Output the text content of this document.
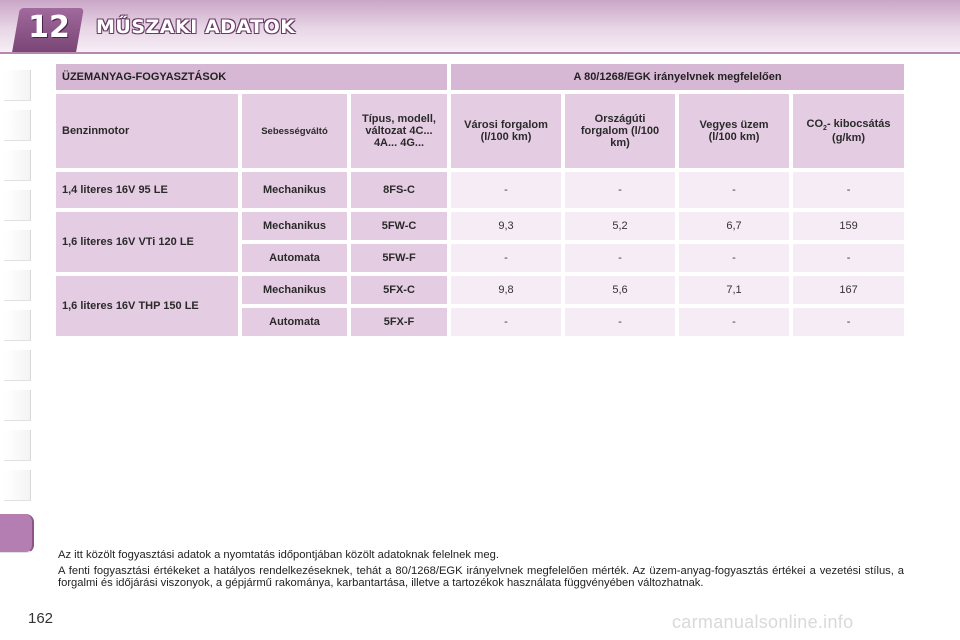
12 MŰSZAKI ADATOK
ÜZEMANYAG-FOGYASZTÁSOK			A 80/1268/EGK irányelvnek megfelelően			
Benzinmotor	Sebességváltó	Típus, modell, változat 4C... 4A... 4G...	Városi forgalom (l/100 km)	Országúti forgalom (l/100 km)	Vegyes üzem (l/100 km)	$CO_2-$ kibocsátás (g/km)
1,4 literes 16V 95 LE	Mechanikus	8FS-C	-	-	-	-
1,6 literes 16V VTi 120 LE	Mechanikus	5FW-C	9,3	5,2	6,7	159
	Automata	5FW-F	-	-	-	-
1,6 literes 16V THP 150 LE	Mechanikus	5FX-C	9,8	5,6	7,1	167
	Automata	5FX-F	-	-	-	-

Az itt közölt fogyasztási adatok a nyomtatás időpontjában közölt adatoknak felelnek meg.

A fenti fogyasztási értékeket a hatályos rendelkezéseknek, tehát a 80/1268/EGK irányelvnek megfelelően mérték. Az üzem-anyag-fogyasztás értékei a vezetési stílus, a forgalmi és időjárási viszonyok, a gépjármű rakománya, karbantartása, illetve a tartozékok használata függvényében változhatnak.

162	carmanualsonline.info
